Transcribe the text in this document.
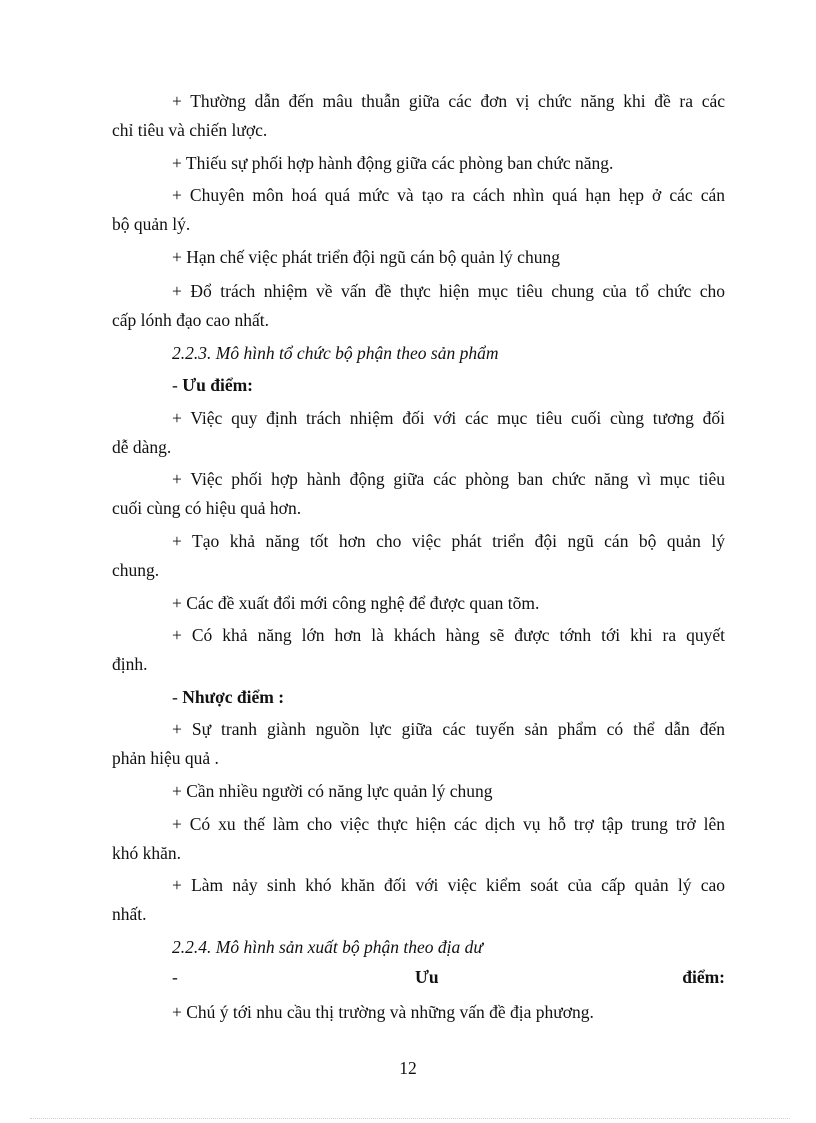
+ Thường dẫn đến mâu thuẫn giữa các đơn vị chức năng khi đề ra các
chỉ tiêu và chiến lược.
+ Thiếu sự phối hợp hành động giữa các phòng ban chức năng.
+ Chuyên môn hoá quá mức và tạo ra cách nhìn quá hạn hẹp ở các cán
bộ quản lý.
+ Hạn chế việc phát triển đội ngũ cán bộ quản lý chung
+ Đổ trách nhiệm về vấn đề thực hiện mục tiêu chung của tổ chức cho
cấp lónh đạo cao nhất.
2.2.3. Mô hình tổ chức bộ phận theo sản phẩm
- Ưu điểm:
+ Việc quy định trách nhiệm đối với các mục tiêu cuối cùng tương đối
dễ dàng.
+ Việc phối hợp hành động giữa các phòng ban chức năng vì mục tiêu
cuối cùng có hiệu quả hơn.
+ Tạo khả năng tốt hơn cho việc phát triển đội ngũ cán bộ quản lý
chung.
+ Các đề xuất đổi mới công nghệ để được quan tõm.
+ Có khả năng lớn hơn là khách hàng sẽ được tớnh tới khi ra quyết
định.
- Nhược điểm :
+ Sự tranh giành nguồn lực giữa các tuyến sản phẩm có thể dẫn đến
phản hiệu quả .
+ Cần nhiều người có năng lực quản lý chung
+ Có xu thế làm cho việc thực hiện các dịch vụ hỗ trợ tập trung trở lên
khó khăn.
+ Làm nảy sinh khó khăn đối với việc kiểm soát của cấp quản lý cao
nhất.
2.2.4. Mô hình sản xuất bộ phận theo địa dư
-	Ưu	điểm:
+ Chú ý tới nhu cầu thị trường và những vấn đề địa phương.
12
